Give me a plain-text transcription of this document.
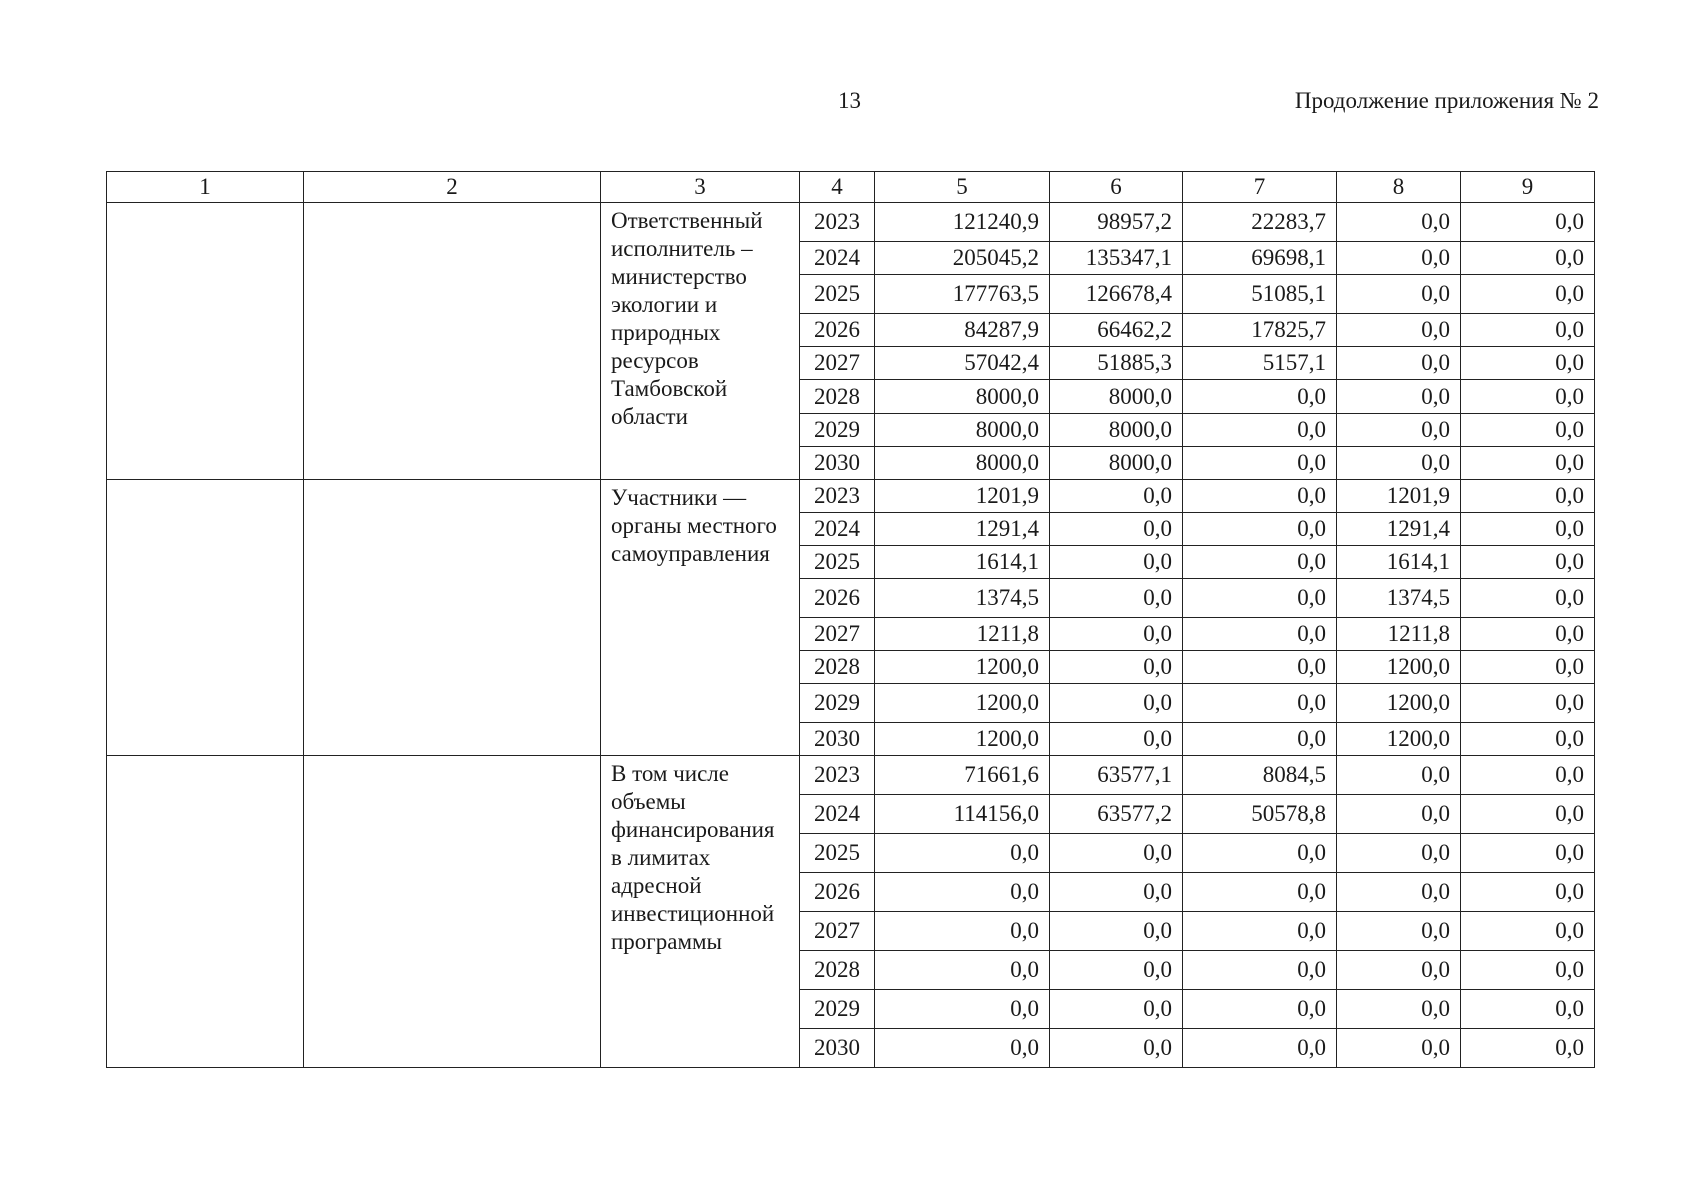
13	Продолжение приложения № 2
1	2	3	4	5	6	7	8	9
		Ответственный исполнитель – министерство экологии и природных ресурсов Тамбовской области	2023	121240,9	98957,2	22283,7	0,0	0,0
			2024	205045,2	135347,1	69698,1	0,0	0,0
			2025	177763,5	126678,4	51085,1	0,0	0,0
			2026	84287,9	66462,2	17825,7	0,0	0,0
			2027	57042,4	51885,3	5157,1	0,0	0,0
			2028	8000,0	8000,0	0,0	0,0	0,0
			2029	8000,0	8000,0	0,0	0,0	0,0
			2030	8000,0	8000,0	0,0	0,0	0,0
		Участники — органы местного самоуправления	2023	1201,9	0,0	0,0	1201,9	0,0
			2024	1291,4	0,0	0,0	1291,4	0,0
			2025	1614,1	0,0	0,0	1614,1	0,0
			2026	1374,5	0,0	0,0	1374,5	0,0
			2027	1211,8	0,0	0,0	1211,8	0,0
			2028	1200,0	0,0	0,0	1200,0	0,0
			2029	1200,0	0,0	0,0	1200,0	0,0
			2030	1200,0	0,0	0,0	1200,0	0,0
		В том числе объемы финансирования в лимитах адресной инвестиционной программы	2023	71661,6	63577,1	8084,5	0,0	0,0
			2024	114156,0	63577,2	50578,8	0,0	0,0
			2025	0,0	0,0	0,0	0,0	0,0
			2026	0,0	0,0	0,0	0,0	0,0
			2027	0,0	0,0	0,0	0,0	0,0
			2028	0,0	0,0	0,0	0,0	0,0
			2029	0,0	0,0	0,0	0,0	0,0
			2030	0,0	0,0	0,0	0,0	0,0
